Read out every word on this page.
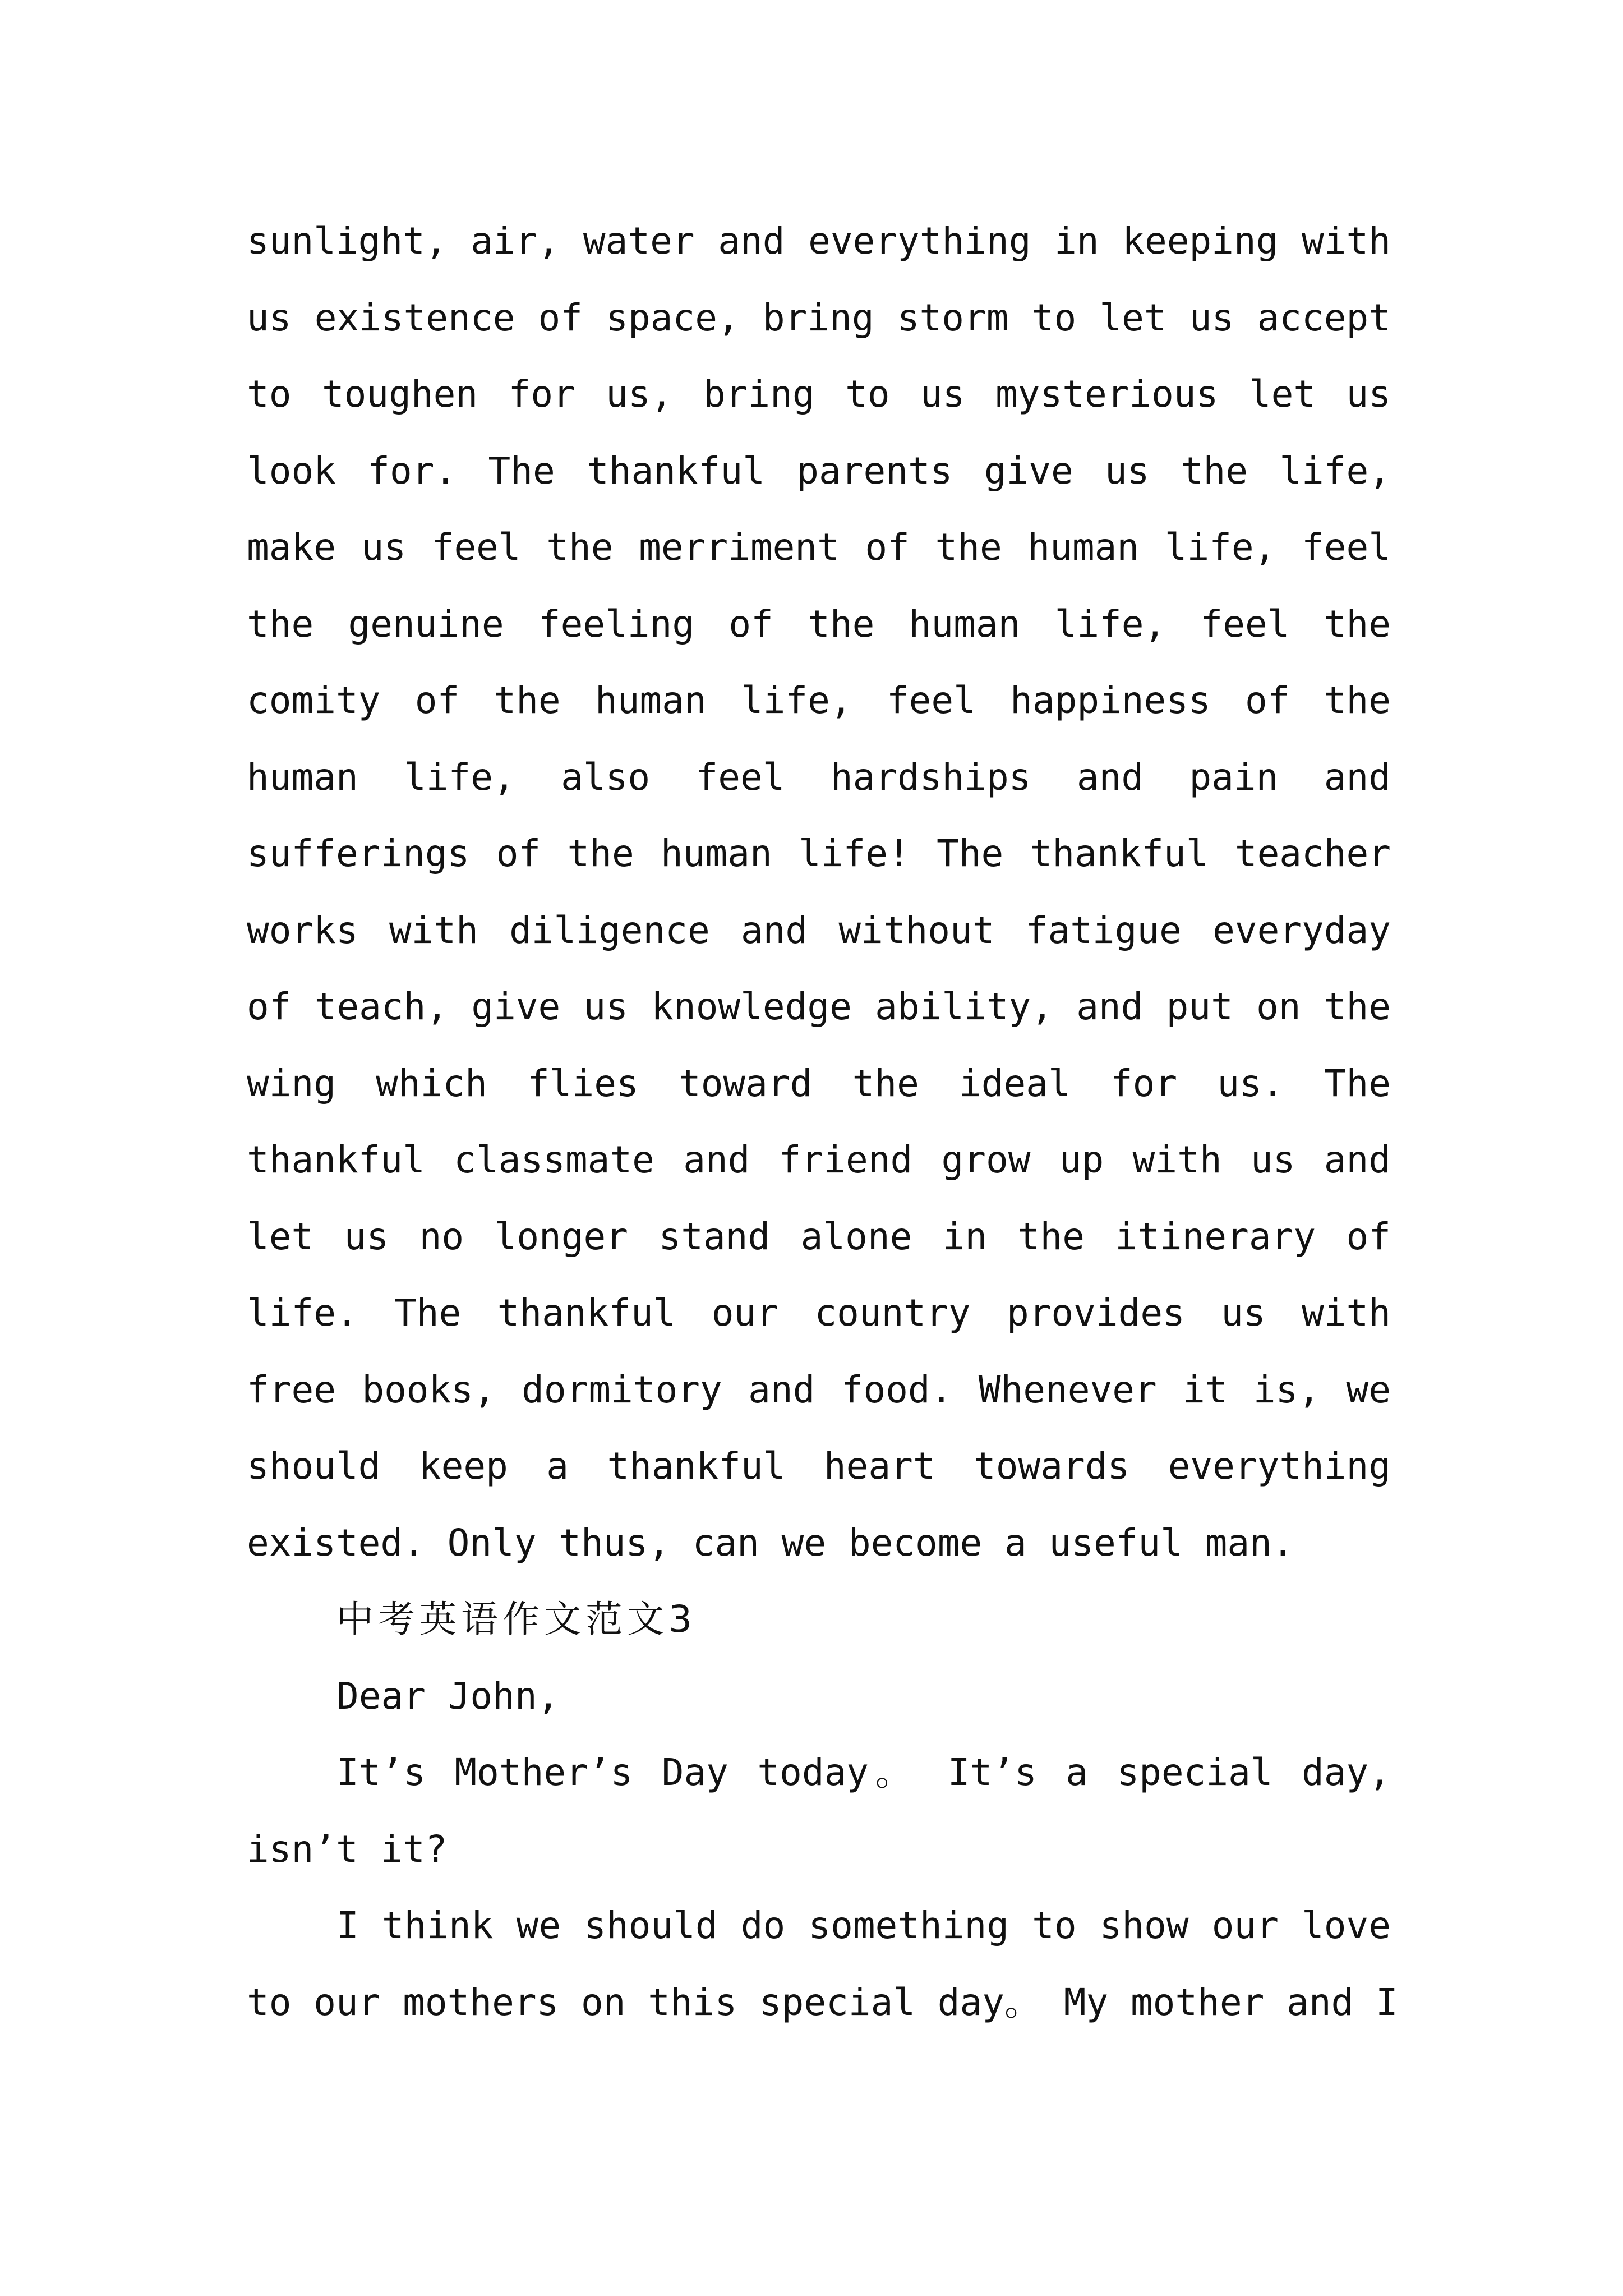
sunlight, air, water and everything in keeping with
us existence of space, bring storm to let us accept
to toughen for us, bring to us mysterious let us
look for. The thankful parents give us the life,
make us feel the merriment of the human life, feel
the genuine feeling of the human life, feel the
comity of the human life, feel happiness of the
human life, also feel hardships and pain and
sufferings of the human life! The thankful teacher
works with diligence and without fatigue everyday
of teach, give us knowledge ability, and put on the
wing which flies toward the ideal for us. The
thankful classmate and friend grow up with us and
let us no longer stand alone in the itinerary of
life. The thankful our country provides us with
free books, dormitory and food. Whenever it is, we
should keep a thankful heart towards everything
existed. Only thus, can we become a useful man.
中考英语作文范文3
Dear John,
It’s Mother’s Day today。 It’s a special day,
isn’t it?
I think we should do something to show our love
to our mothers on this special day。 My mother and I
